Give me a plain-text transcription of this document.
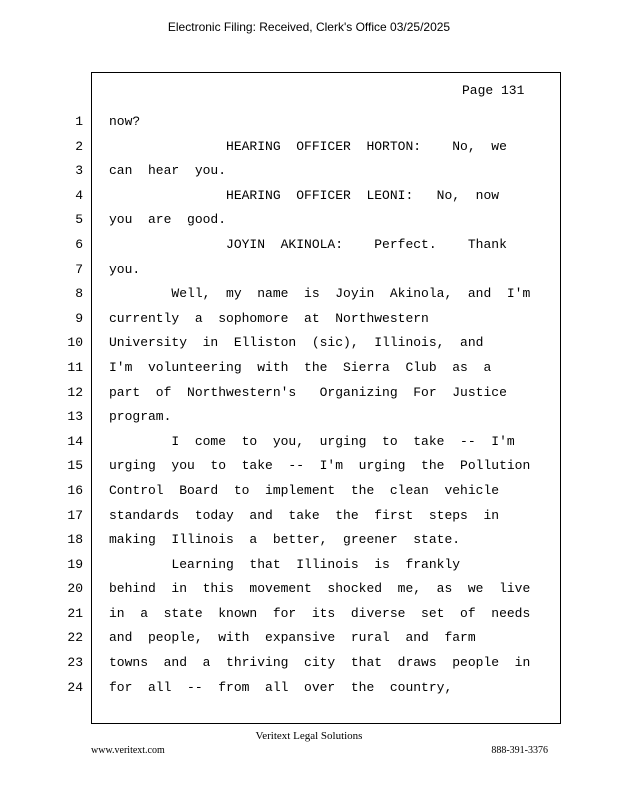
Electronic Filing: Received, Clerk's Office 03/25/2025
Page 131
1
2
3
4
5
6
7
8
9
10
11
12
13
14
15
16
17
18
19
20
21
22
23
24
now?
HEARING  OFFICER  HORTON:    No,  we
can  hear  you.
HEARING  OFFICER  LEONI:   No,  now
you  are  good.
JOYIN  AKINOLA:    Perfect.    Thank
you.
Well,  my  name  is  Joyin  Akinola,  and  I'm
currently  a  sophomore  at  Northwestern
University  in  Elliston  (sic),  Illinois,  and
I'm  volunteering  with  the  Sierra  Club  as  a
part  of  Northwestern's   Organizing  For  Justice
program.
I  come  to  you,  urging  to  take  --  I'm
urging  you  to  take  --  I'm  urging  the  Pollution
Control  Board  to  implement  the  clean  vehicle
standards  today  and  take  the  first  steps  in
making  Illinois  a  better,  greener  state.
Learning  that  Illinois  is  frankly
behind  in  this  movement  shocked  me,  as  we  live
in  a  state  known  for  its  diverse  set  of  needs
and  people,  with  expansive  rural  and  farm
towns  and  a  thriving  city  that  draws  people  in
for  all  --  from  all  over  the  country,
Veritext Legal Solutions
www.veritext.com	888-391-3376
